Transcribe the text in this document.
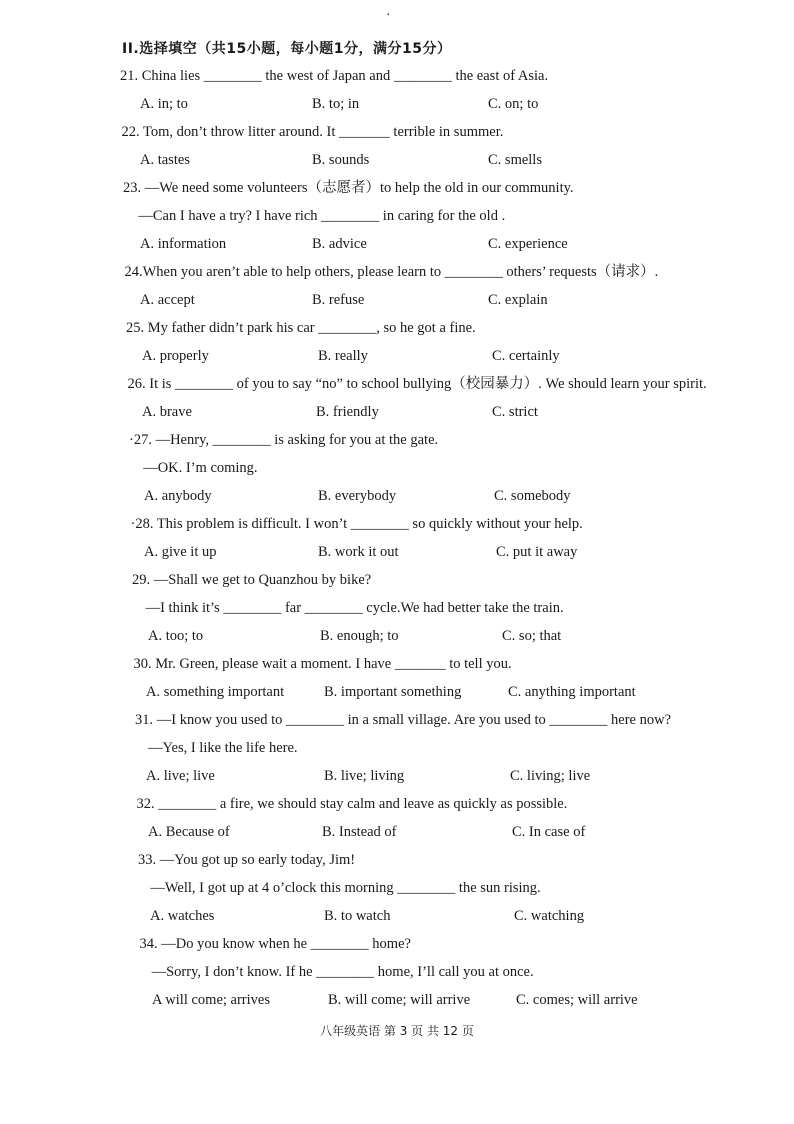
·
II.选择填空（共15小题，每小题1分，满分15分）
21. China lies ________ the west of Japan and ________ the east of Asia.
A. in; to	B. to; in	C. on; to
22. Tom, don’t throw litter around. It _______ terrible in summer.
A. tastes	B. sounds	C. smells
23. —We need some volunteers（志愿者）to help the old in our community.
—Can I have a try? I have rich ________ in caring for the old .
A. information	B. advice	C. experience
24.When you aren’t able to help others, please learn to ________ others’ requests（请求）.
A. accept	B. refuse	C. explain
25. My father didn’t park his car ________, so he got a fine.
A. properly	B. really	C. certainly
26. It is ________ of you to say “no” to school bullying（校园暴力）. We should learn your spirit.
A. brave	B. friendly	C. strict
·27. —Henry, ________ is asking for you at the gate.
—OK. I’m coming.
A. anybody	B. everybody	C. somebody
·28. This problem is difficult. I won’t ________ so quickly without your help.
A. give it up	B. work it out	C. put it away
29. —Shall we get to Quanzhou by bike?
—I think it’s ________ far ________ cycle.We had better take the train.
A. too; to	B. enough; to	C. so; that
30. Mr. Green, please wait a moment. I have _______ to tell you.
A. something important	B. important something	C. anything important
31. —I know you used to ________ in a small village. Are you used to ________ here now?
—Yes, I like the life here.
A. live; live	B. live; living	C. living; live
32. ________ a fire, we should stay calm and leave as quickly as possible.
A. Because of	B. Instead of	C. In case of
33. —You got up so early today, Jim!
—Well, I got up at 4 o’clock this morning ________ the sun rising.
A. watches	B. to watch	C. watching
34. —Do you know when he ________ home?
—Sorry, I don’t know. If he ________ home, I’ll call you at once.
A will come; arrives	B. will come; will arrive	C. comes; will arrive
八年级英语 第 3 页 共 12 页
